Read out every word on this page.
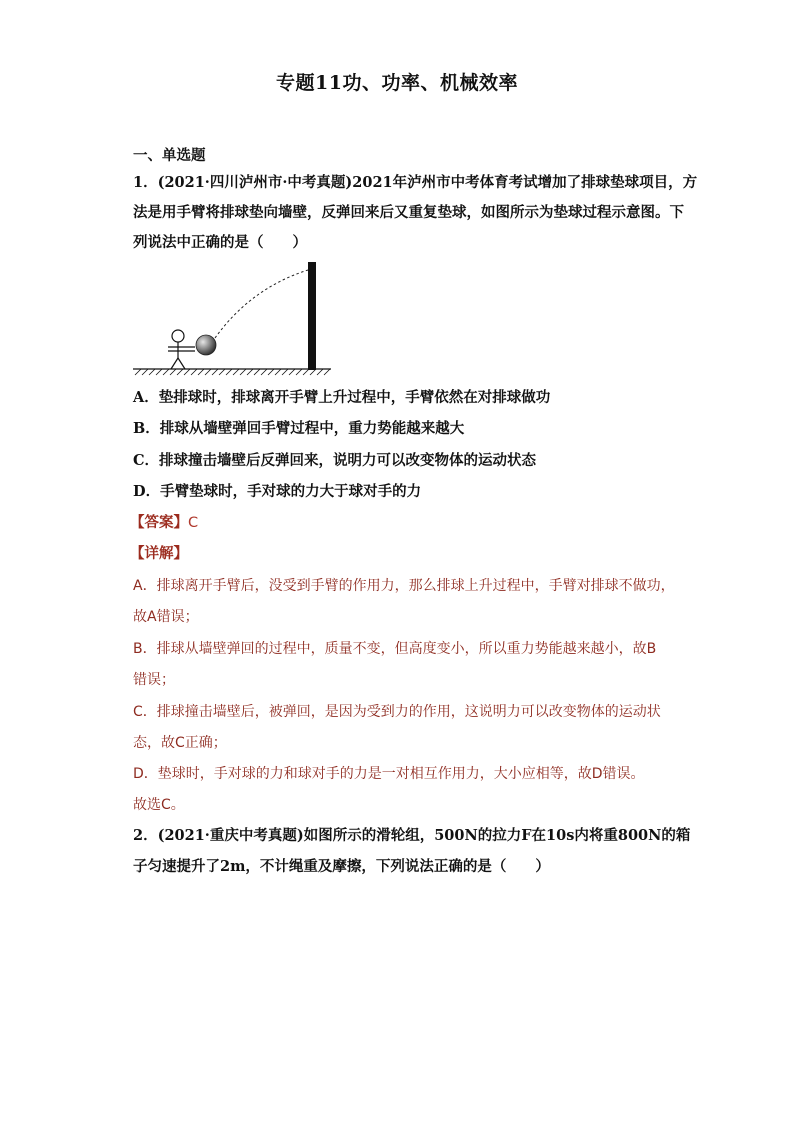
专题11功、功率、机械效率
一、单选题
1．(2021·四川泸州市·中考真题)2021年泸州市中考体育考试增加了排球垫球项目，方
法是用手臂将排球垫向墙壁，反弹回来后又重复垫球，如图所示为垫球过程示意图。下
列说法中正确的是（　　）
A．垫排球时，排球离开手臂上升过程中，手臂依然在对排球做功
B．排球从墙壁弹回手臂过程中，重力势能越来越大
C．排球撞击墙壁后反弹回来，说明力可以改变物体的运动状态
D．手臂垫球时，手对球的力大于球对手的力
【答案】C
【详解】
A．排球离开手臂后，没受到手臂的作用力，那么排球上升过程中，手臂对排球不做功，
故A错误；
B．排球从墙壁弹回的过程中，质量不变，但高度变小，所以重力势能越来越小，故B
错误；
C．排球撞击墙壁后，被弹回，是因为受到力的作用，这说明力可以改变物体的运动状
态，故C正确；
D．垫球时，手对球的力和球对手的力是一对相互作用力，大小应相等，故D错误。
故选C。
2．(2021·重庆中考真题)如图所示的滑轮组，500N的拉力F在10s内将重800N的箱
子匀速提升了2m，不计绳重及摩擦，下列说法正确的是（　　）
